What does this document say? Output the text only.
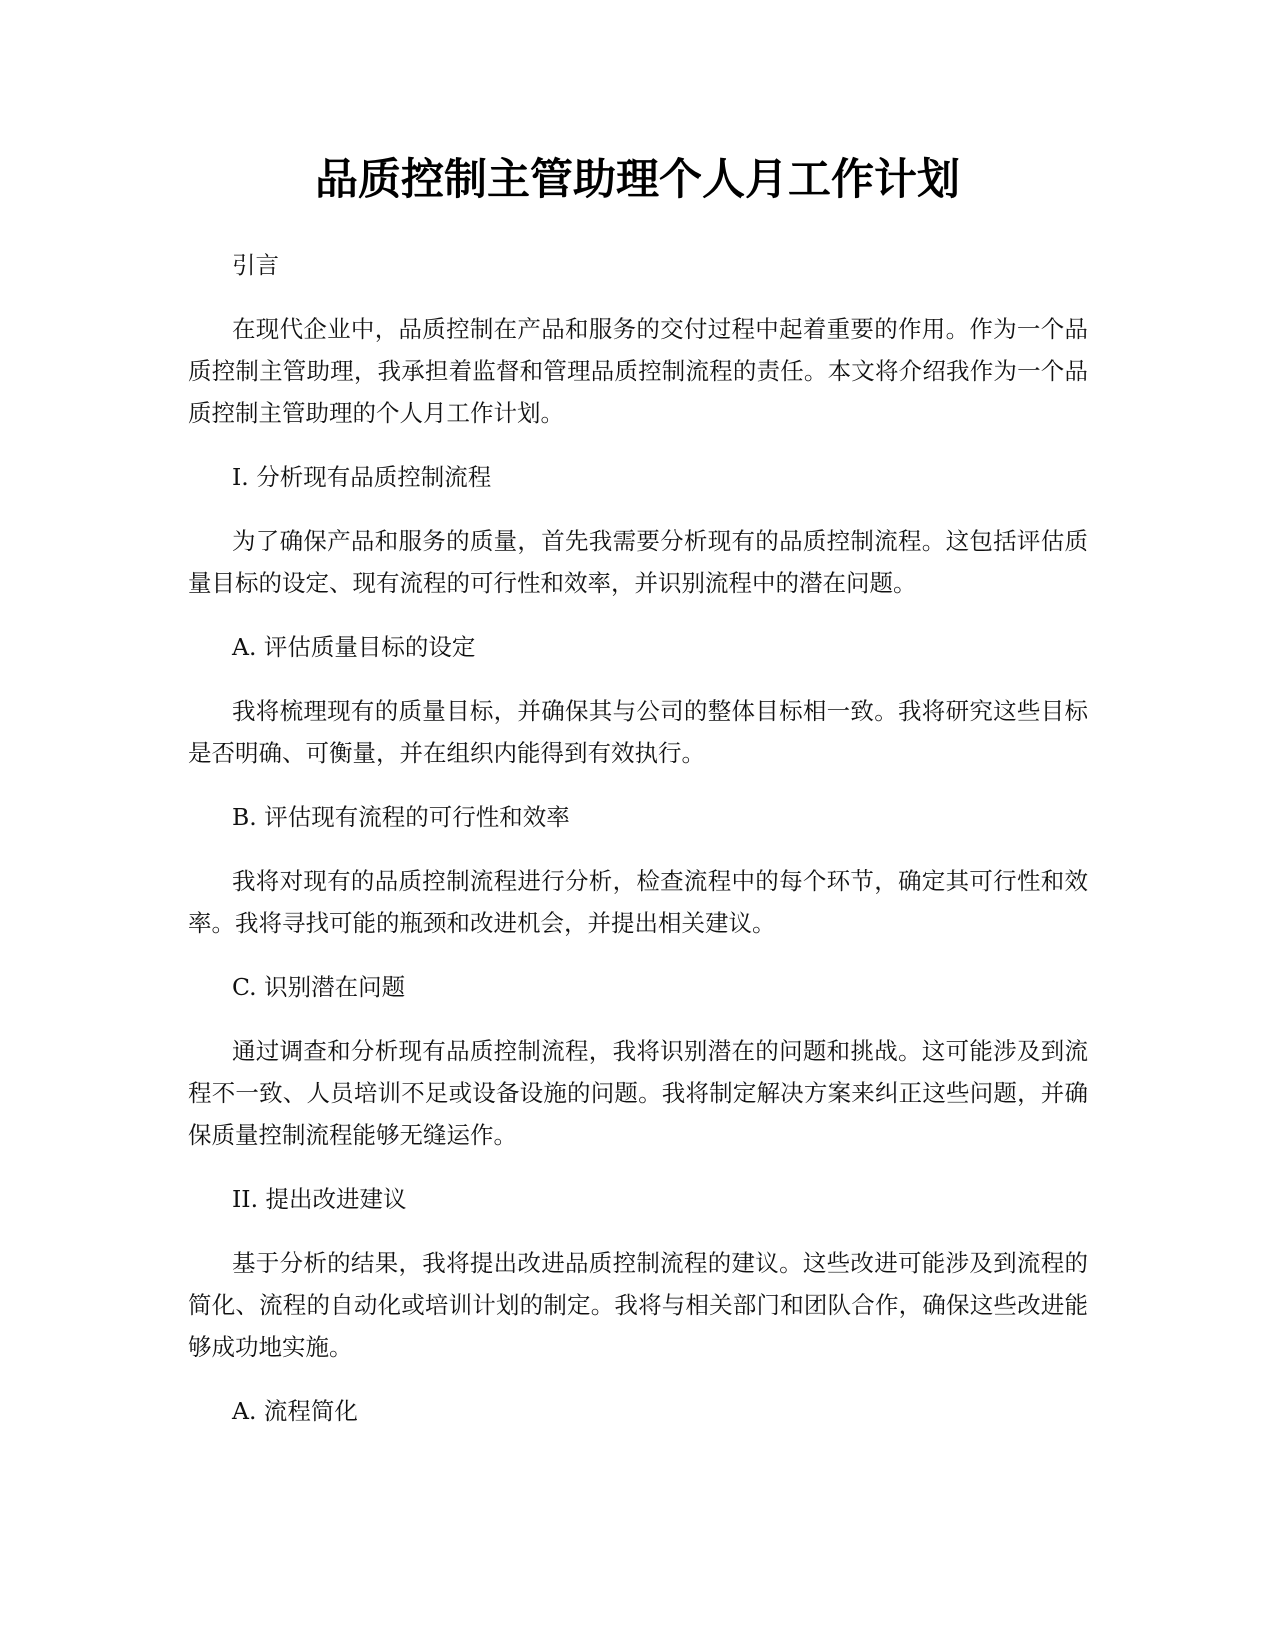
品质控制主管助理个人月工作计划

引言

在现代企业中，品质控制在产品和服务的交付过程中起着重要的作用。作为一个品质控制主管助理，我承担着监督和管理品质控制流程的责任。本文将介绍我作为一个品质控制主管助理的个人月工作计划。

I. 分析现有品质控制流程

为了确保产品和服务的质量，首先我需要分析现有的品质控制流程。这包括评估质量目标的设定、现有流程的可行性和效率，并识别流程中的潜在问题。

A. 评估质量目标的设定

我将梳理现有的质量目标，并确保其与公司的整体目标相一致。我将研究这些目标是否明确、可衡量，并在组织内能得到有效执行。

B. 评估现有流程的可行性和效率

我将对现有的品质控制流程进行分析，检查流程中的每个环节，确定其可行性和效率。我将寻找可能的瓶颈和改进机会，并提出相关建议。

C. 识别潜在问题

通过调查和分析现有品质控制流程，我将识别潜在的问题和挑战。这可能涉及到流程不一致、人员培训不足或设备设施的问题。我将制定解决方案来纠正这些问题，并确保质量控制流程能够无缝运作。

II. 提出改进建议

基于分析的结果，我将提出改进品质控制流程的建议。这些改进可能涉及到流程的简化、流程的自动化或培训计划的制定。我将与相关部门和团队合作，确保这些改进能够成功地实施。

A. 流程简化
